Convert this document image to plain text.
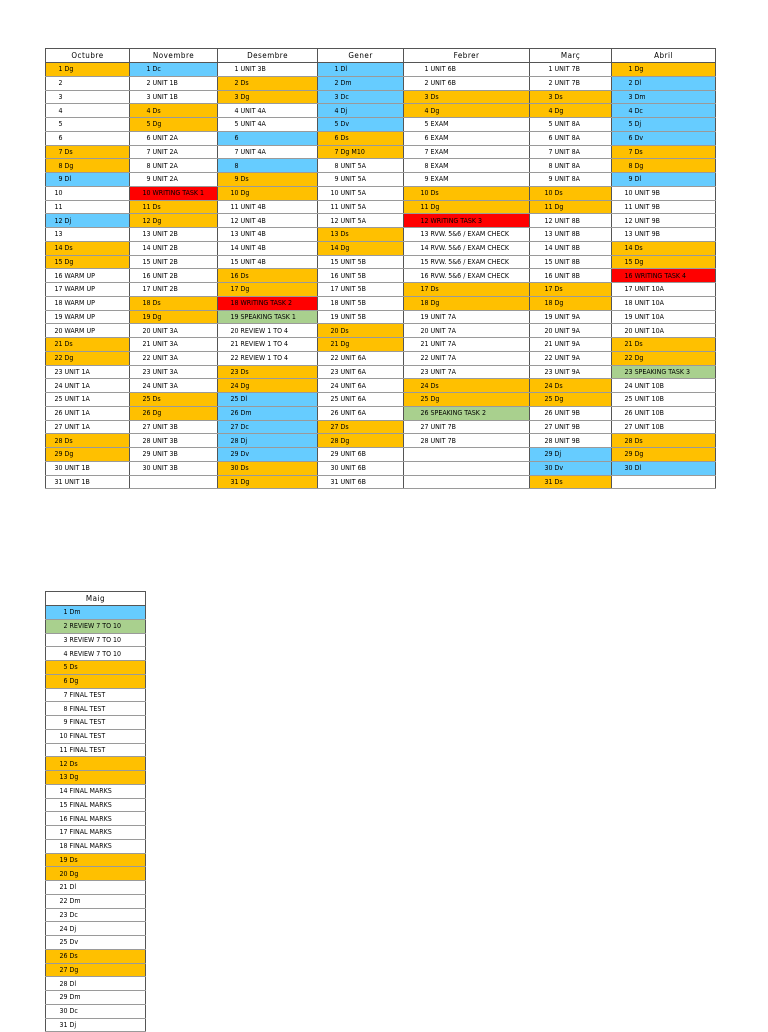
Octubre		Novembre		Desembre		Gener		Febrer		Març		Abril	
1	Dg	1	Dc	1	UNIT 3B	1	Dl	1	UNIT 6B	1	UNIT 7B	1	Dg
2		2	UNIT 1B	2	Ds	2	Dm	2	UNIT 6B	2	UNIT 7B	2	Dl
3		3	UNIT 1B	3	Dg	3	Dc	3	Ds	3	Ds	3	Dm
4		4	Ds	4	UNIT 4A	4	Dj	4	Dg	4	Dg	4	Dc
5		5	Dg	5	UNIT 4A	5	Dv	5	EXAM	5	UNIT 8A	5	Dj
6		6	UNIT 2A	6		6	Ds	6	EXAM	6	UNIT 8A	6	Dv
7	Ds	7	UNIT 2A	7	UNIT 4A	7	Dg M10	7	EXAM	7	UNIT 8A	7	Ds
8	Dg	8	UNIT 2A	8		8	UNIT 5A	8	EXAM	8	UNIT 8A	8	Dg
9	Dl	9	UNIT 2A	9	Ds	9	UNIT 5A	9	EXAM	9	UNIT 8A	9	Dl
10		10	WRITING TASK 1	10	Dg	10	UNIT 5A	10	Ds	10	Ds	10	UNIT 9B
11		11	Ds	11	UNIT 4B	11	UNIT 5A	11	Dg	11	Dg	11	UNIT 9B
12	Dj	12	Dg	12	UNIT 4B	12	UNIT 5A	12	WRITING TASK 3	12	UNIT 8B	12	UNIT 9B
13		13	UNIT 2B	13	UNIT 4B	13	Ds	13	RVW. 5&6 / EXAM CHECK	13	UNIT 8B	13	UNIT 9B
14	Ds	14	UNIT 2B	14	UNIT 4B	14	Dg	14	RVW. 5&6 / EXAM CHECK	14	UNIT 8B	14	Ds
15	Dg	15	UNIT 2B	15	UNIT 4B	15	UNIT 5B	15	RVW. 5&6 / EXAM CHECK	15	UNIT 8B	15	Dg
16	WARM UP	16	UNIT 2B	16	Ds	16	UNIT 5B	16	RVW. 5&6 / EXAM CHECK	16	UNIT 8B	16	WRITING TASK 4
17	WARM UP	17	UNIT 2B	17	Dg	17	UNIT 5B	17	Ds	17	Ds	17	UNIT 10A
18	WARM UP	18	Ds	18	WRITING TASK 2	18	UNIT 5B	18	Dg	18	Dg	18	UNIT 10A
19	WARM UP	19	Dg	19	SPEAKING TASK 1	19	UNIT 5B	19	UNIT 7A	19	UNIT 9A	19	UNIT 10A
20	WARM UP	20	UNIT 3A	20	REVIEW 1 TO 4	20	Ds	20	UNIT 7A	20	UNIT 9A	20	UNIT 10A
21	Ds	21	UNIT 3A	21	REVIEW 1 TO 4	21	Dg	21	UNIT 7A	21	UNIT 9A	21	Ds
22	Dg	22	UNIT 3A	22	REVIEW 1 TO 4	22	UNIT 6A	22	UNIT 7A	22	UNIT 9A	22	Dg
23	UNIT 1A	23	UNIT 3A	23	Ds	23	UNIT 6A	23	UNIT 7A	23	UNIT 9A	23	SPEAKING TASK 3
24	UNIT 1A	24	UNIT 3A	24	Dg	24	UNIT 6A	24	Ds	24	Ds	24	UNIT 10B
25	UNIT 1A	25	Ds	25	Dl	25	UNIT 6A	25	Dg	25	Dg	25	UNIT 10B
26	UNIT 1A	26	Dg	26	Dm	26	UNIT 6A	26	SPEAKING TASK 2	26	UNIT 9B	26	UNIT 10B
27	UNIT 1A	27	UNIT 3B	27	Dc	27	Ds	27	UNIT 7B	27	UNIT 9B	27	UNIT 10B
28	Ds	28	UNIT 3B	28	Dj	28	Dg	28	UNIT 7B	28	UNIT 9B	28	Ds
29	Dg	29	UNIT 3B	29	Dv	29	UNIT 6B			29	Dj	29	Dg
30	UNIT 1B	30	UNIT 3B	30	Ds	30	UNIT 6B			30	Dv	30	Dl
31	UNIT 1B			31	Dg	31	UNIT 6B			31	Ds		
Maig	
1	Dm
2	REVIEW 7 TO 10
3	REVIEW 7 TO 10
4	REVIEW 7 TO 10
5	Ds
6	Dg
7	FINAL TEST
8	FINAL TEST
9	FINAL TEST
10	FINAL TEST
11	FINAL TEST
12	Ds
13	Dg
14	FINAL MARKS
15	FINAL MARKS
16	FINAL MARKS
17	FINAL MARKS
18	FINAL MARKS
19	Ds
20	Dg
21	Dl
22	Dm
23	Dc
24	Dj
25	Dv
26	Ds
27	Dg
28	Dl
29	Dm
30	Dc
31	Dj
